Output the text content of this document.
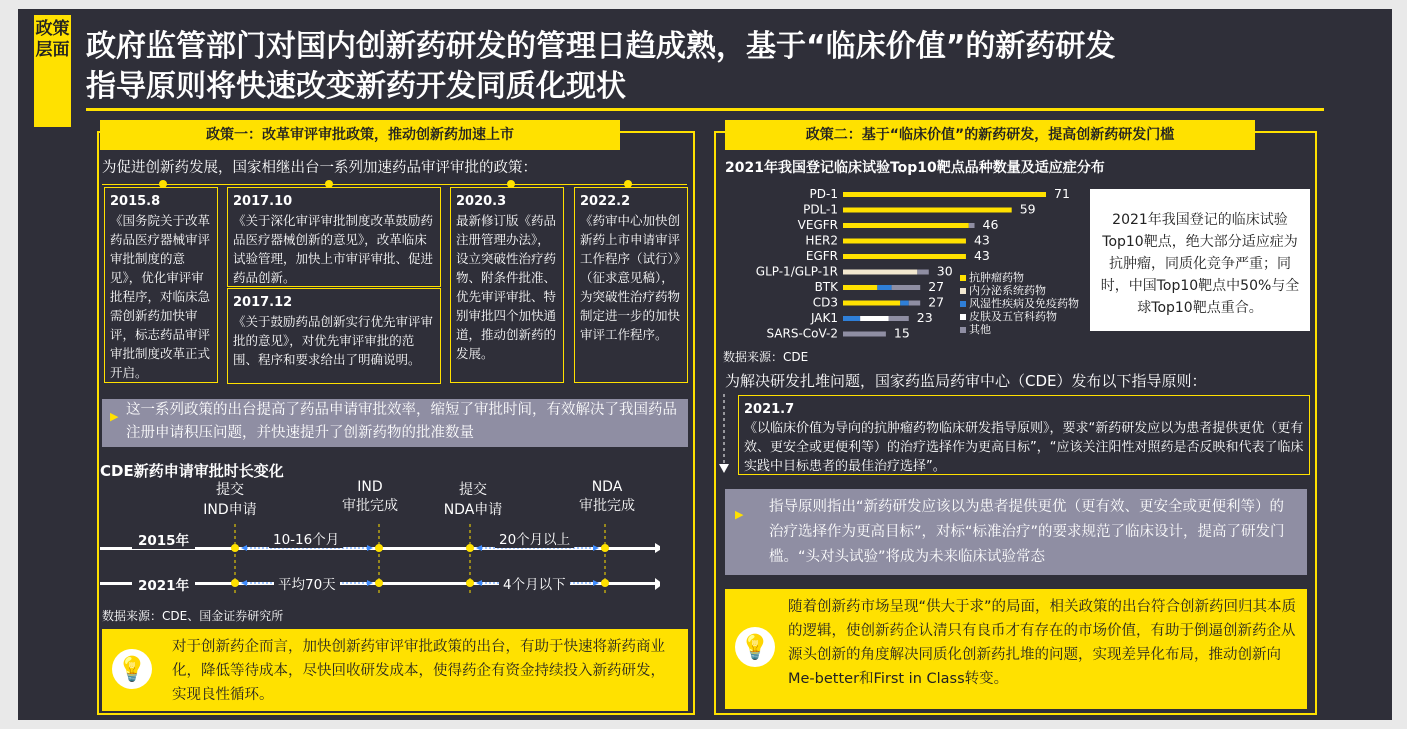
政策层面 政府监管部门对国内创新药研发的管理日趋成熟，基于“临床价值”的新药研发
指导原则将快速改变新药开发同质化现状
政策一：改革审评审批政策，推动创新药加速上市
为促进创新药发展，国家相继出台一系列加速药品审评审批的政策：
2015.8
《国务院关于改革药品医疗器械审评审批制度的意见》，优化审评审批程序，对临床急需创新药加快审评，标志药品审评审批制度改革正式开启。
2017.10
《关于深化审评审批制度改革鼓励药品医疗器械创新的意见》，改革临床试验管理，加快上市审评审批、促进药品创新。
2017.12
《关于鼓励药品创新实行优先审评审批的意见》，对优先审评审批的范围、程序和要求给出了明确说明。
2020.3
最新修订版《药品注册管理办法》，设立突破性治疗药物、附条件批准、优先审评审批、特别审批四个加快通道，推动创新药的发展。
2022.2
《药审中心加快创新药上市申请审评工作程序（试行）》（征求意见稿），为突破性治疗药物制定进一步的加快审评工作程序。
▶ 这一系列政策的出台提高了药品申请审批效率，缩短了审批时间，有效解决了我国药品注册申请积压问题，并快速提升了创新药物的批准数量
CDE新药申请审批时长变化
提交
IND申请
IND
审批完成
提交
NDA申请
NDA
审批完成
2015年
2021年
10-16个月	20个月以上
平均70天	4个月以下
数据来源：CDE、国金证券研究所
对于创新药企而言，加快创新药审评审批政策的出台，有助于快速将新药商业化，降低等待成本，尽快回收研发成本，使得药企有资金持续投入新药研发，实现良性循环。
💡
政策二：基于“临床价值”的新药研发，提高创新药研发门槛
2021年我国登记临床试验Top10靶点品种数量及适应症分布
PD-1	71
PDL-1	59
VEGFR	46
HER2	43
EGFR	43
GLP-1/GLP-1R	30
BTK	27
CD3	27
JAK1	23
SARS-CoV-2	15
抗肿瘤药物
内分泌系统药物
风湿性疾病及免疫药物
皮肤及五官科药物
其他
2021年我国登记的临床试验Top10靶点，绝大部分适应症为抗肿瘤，同质化竞争严重；同时，中国Top10靶点中50%与全球Top10靶点重合。
数据来源：CDE
为解决研发扎堆问题，国家药监局药审中心（CDE）发布以下指导原则：
2021.7
《以临床价值为导向的抗肿瘤药物临床研发指导原则》，要求“新药研发应以为患者提供更优（更有效、更安全或更便利等）的治疗选择作为更高目标”，“应该关注阳性对照药是否反映和代表了临床实践中目标患者的最佳治疗选择”。
▶ 指导原则指出“新药研发应该以为患者提供更优（更有效、更安全或更便利等）的治疗选择作为更高目标”，对标“标准治疗”的要求规范了临床设计，提高了研发门槛。“头对头试验”将成为未来临床试验常态
随着创新药市场呈现“供大于求”的局面，相关政策的出台符合创新药回归其本质的逻辑，使创新药企认清只有良币才有存在的市场价值，有助于倒逼创新药企从源头创新的角度解决同质化创新药扎堆的问题，实现差异化布局，推动创新向Me-better和First in Class转变。
💡
